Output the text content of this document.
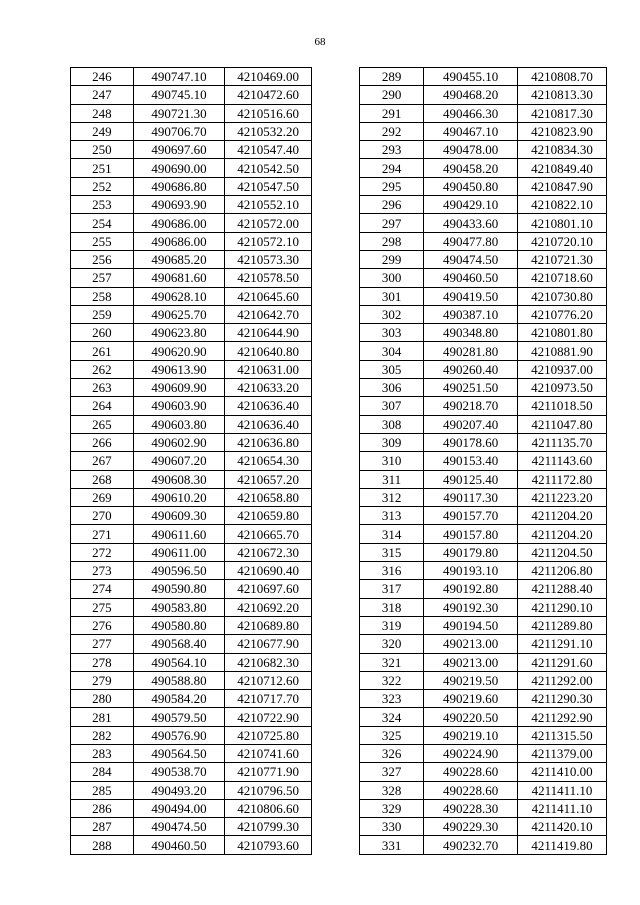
68
246	490747.10	4210469.00
247	490745.10	4210472.60
248	490721.30	4210516.60
249	490706.70	4210532.20
250	490697.60	4210547.40
251	490690.00	4210542.50
252	490686.80	4210547.50
253	490693.90	4210552.10
254	490686.00	4210572.00
255	490686.00	4210572.10
256	490685.20	4210573.30
257	490681.60	4210578.50
258	490628.10	4210645.60
259	490625.70	4210642.70
260	490623.80	4210644.90
261	490620.90	4210640.80
262	490613.90	4210631.00
263	490609.90	4210633.20
264	490603.90	4210636.40
265	490603.80	4210636.40
266	490602.90	4210636.80
267	490607.20	4210654.30
268	490608.30	4210657.20
269	490610.20	4210658.80
270	490609.30	4210659.80
271	490611.60	4210665.70
272	490611.00	4210672.30
273	490596.50	4210690.40
274	490590.80	4210697.60
275	490583.80	4210692.20
276	490580.80	4210689.80
277	490568.40	4210677.90
278	490564.10	4210682.30
279	490588.80	4210712.60
280	490584.20	4210717.70
281	490579.50	4210722.90
282	490576.90	4210725.80
283	490564.50	4210741.60
284	490538.70	4210771.90
285	490493.20	4210796.50
286	490494.00	4210806.60
287	490474.50	4210799.30
288	490460.50	4210793.60
289	490455.10	4210808.70
290	490468.20	4210813.30
291	490466.30	4210817.30
292	490467.10	4210823.90
293	490478.00	4210834.30
294	490458.20	4210849.40
295	490450.80	4210847.90
296	490429.10	4210822.10
297	490433.60	4210801.10
298	490477.80	4210720.10
299	490474.50	4210721.30
300	490460.50	4210718.60
301	490419.50	4210730.80
302	490387.10	4210776.20
303	490348.80	4210801.80
304	490281.80	4210881.90
305	490260.40	4210937.00
306	490251.50	4210973.50
307	490218.70	4211018.50
308	490207.40	4211047.80
309	490178.60	4211135.70
310	490153.40	4211143.60
311	490125.40	4211172.80
312	490117.30	4211223.20
313	490157.70	4211204.20
314	490157.80	4211204.20
315	490179.80	4211204.50
316	490193.10	4211206.80
317	490192.80	4211288.40
318	490192.30	4211290.10
319	490194.50	4211289.80
320	490213.00	4211291.10
321	490213.00	4211291.60
322	490219.50	4211292.00
323	490219.60	4211290.30
324	490220.50	4211292.90
325	490219.10	4211315.50
326	490224.90	4211379.00
327	490228.60	4211410.00
328	490228.60	4211411.10
329	490228.30	4211411.10
330	490229.30	4211420.10
331	490232.70	4211419.80
